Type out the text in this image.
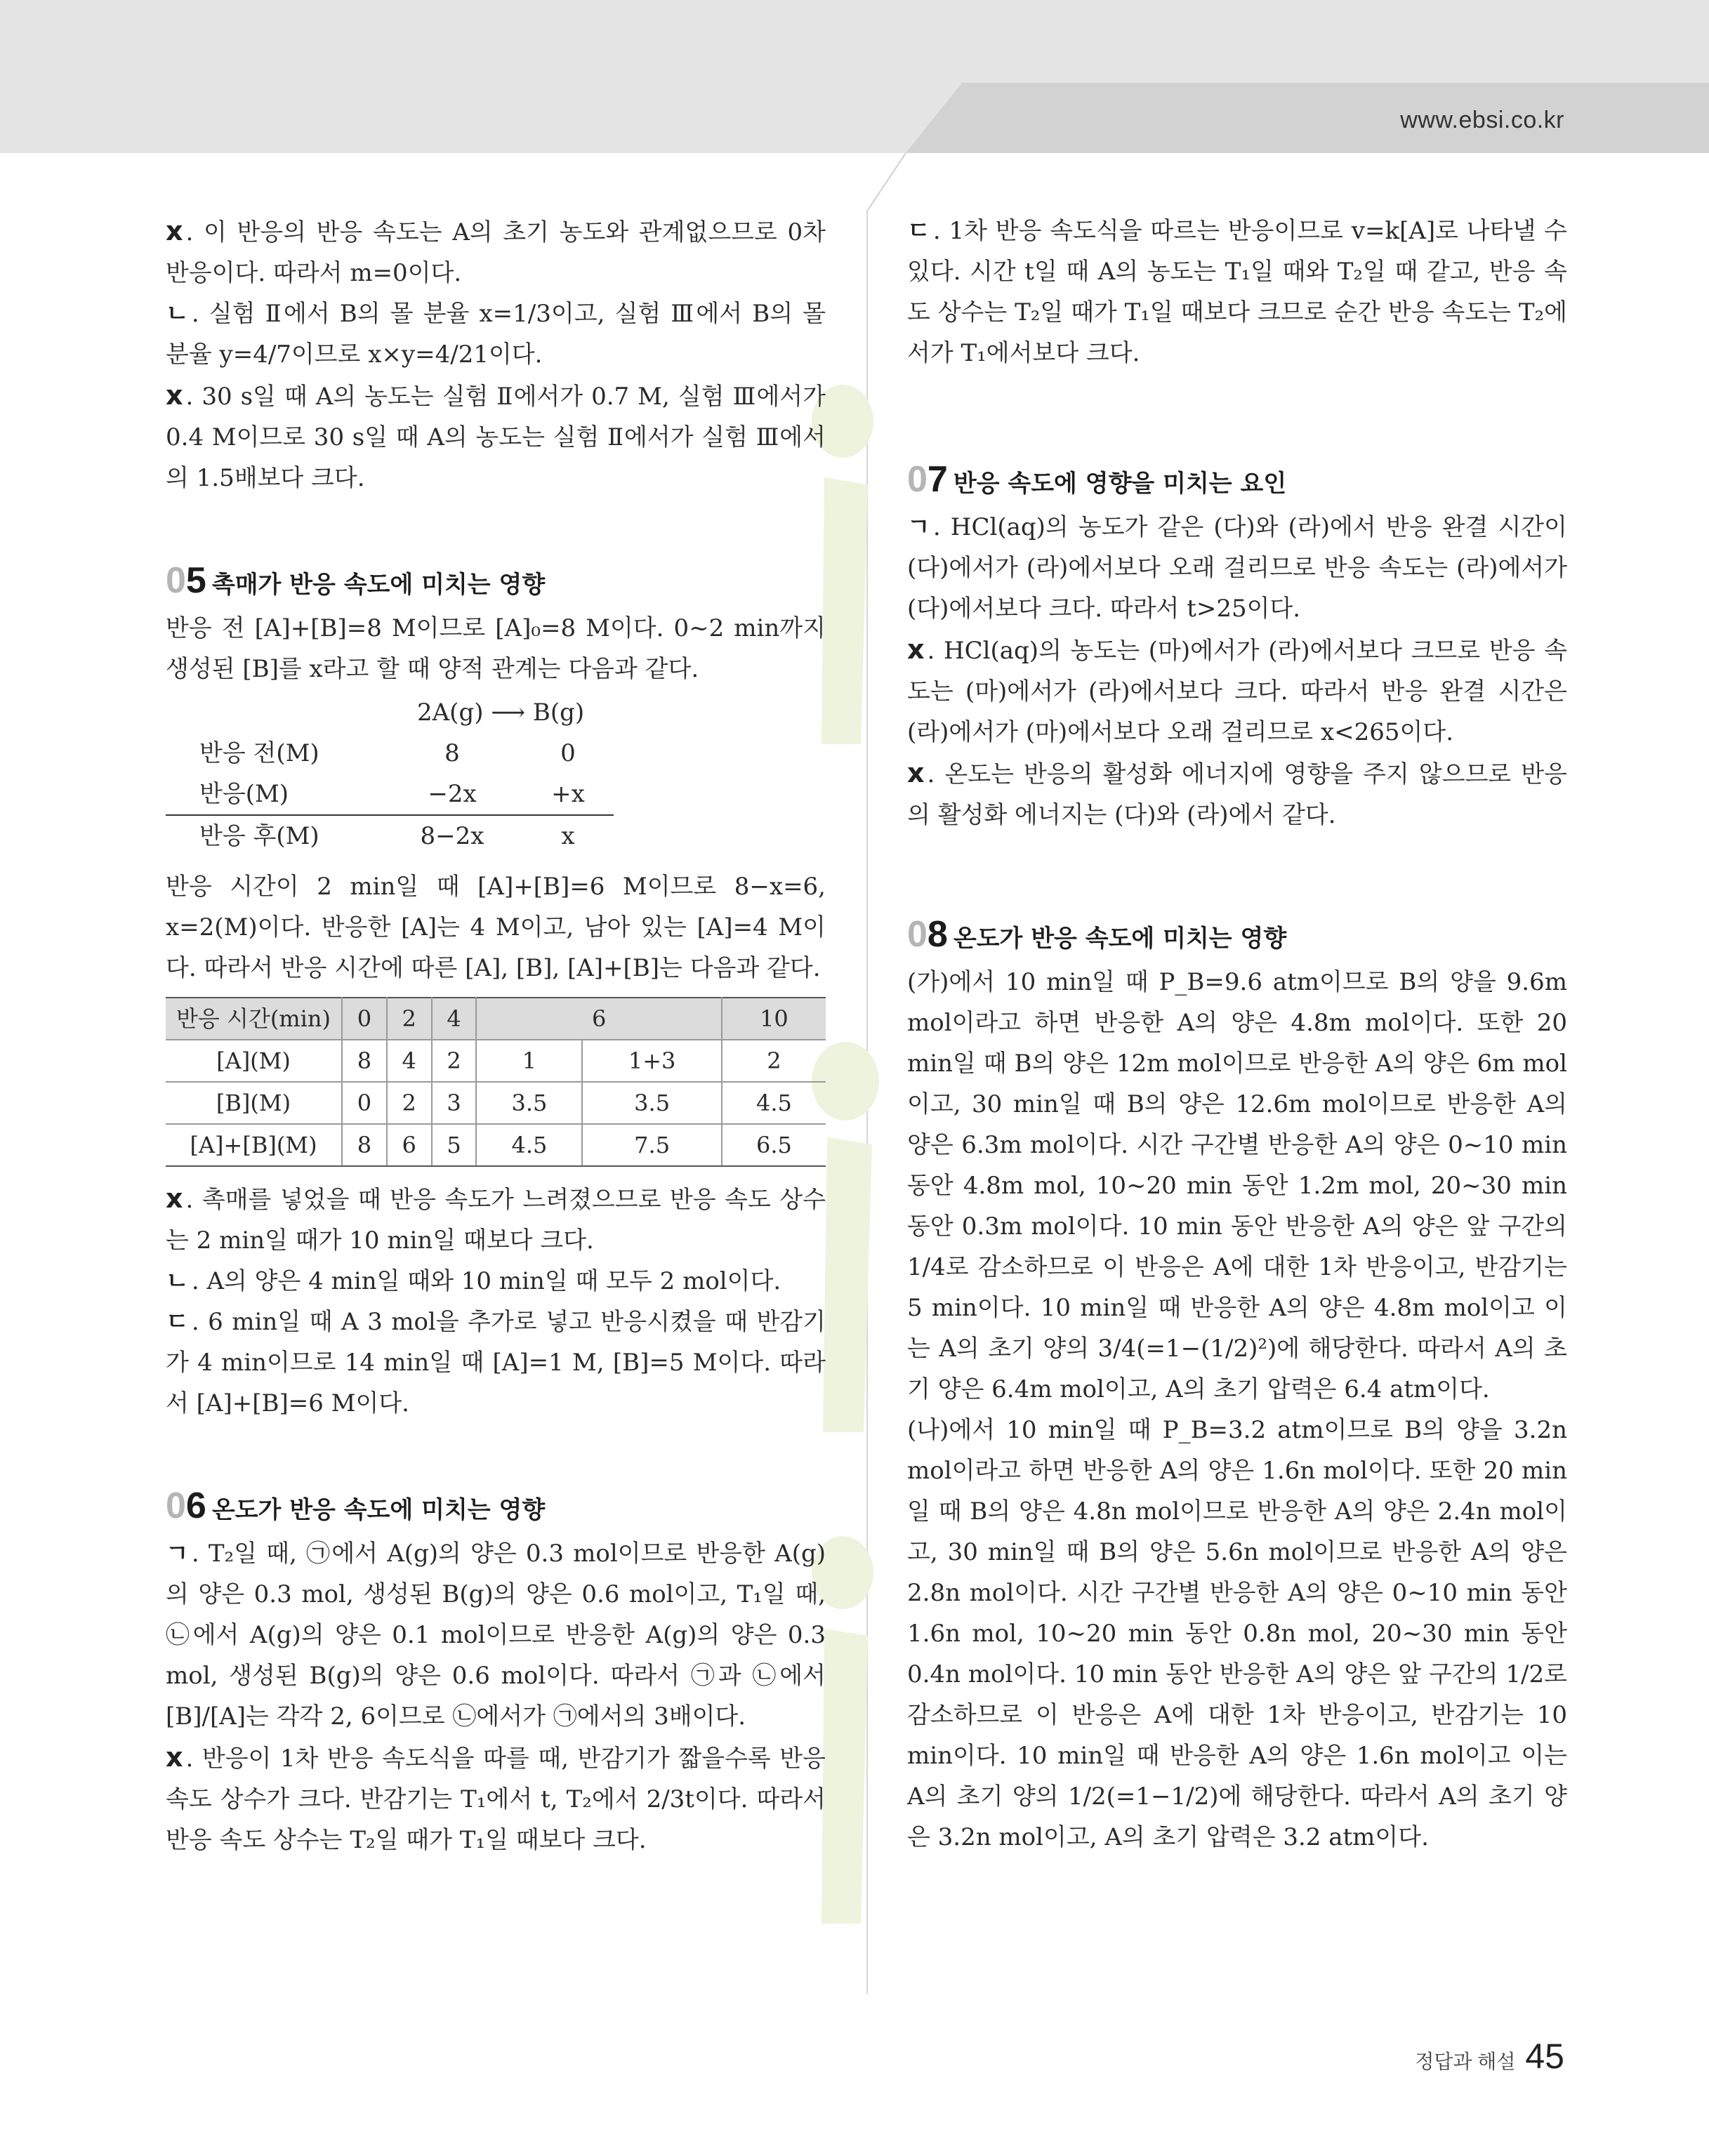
www.ebsi.co.kr

x . 이 반응의 반응 속도는 A의 초기 농도와 관계없으므로 0차 반응이다. 따라서 m=0이다.

ㄴ . 실험 Ⅱ에서 B의 몰 분율 x=1/3이고, 실험 Ⅲ에서 B의 몰 분율 y=4/7이므로 x×y=4/21이다.

x . 30 s일 때 A의 농도는 실험 Ⅱ에서가 0.7 M, 실험 Ⅲ에서가 0.4 M이므로 30 s일 때 A의 농도는 실험 Ⅱ에서가 실험 Ⅲ에서의 1.5배보다 크다.

05 촉매가 반응 속도에 미치는 영향

반응 전 [A]+[B]=8 M이므로 [A]₀=8 M이다. 0~2 min까지 생성된 [B]를 x라고 할 때 양적 관계는 다음과 같다.

	2A(g) ⟶ B(g)	
반응 전(M)	8	0
반응(M)	−2x	+x
반응 후(M)	8−2x	x

반응 시간이 2 min일 때 [A]+[B]=6 M이므로 8−x=6, x=2(M)이다. 반응한 [A]는 4 M이고, 남아 있는 [A]=4 M이다. 따라서 반응 시간에 따른 [A], [B], [A]+[B]는 다음과 같다.

반응 시간(min)	0	2	4	6		10
[A](M)	8	4	2	1	1+3	2
[B](M)	0	2	3	3.5	3.5	4.5
[A]+[B](M)	8	6	5	4.5	7.5	6.5

x . 촉매를 넣었을 때 반응 속도가 느려졌으므로 반응 속도 상수는 2 min일 때가 10 min일 때보다 크다.

ㄴ . A의 양은 4 min일 때와 10 min일 때 모두 2 mol이다.

ㄷ . 6 min일 때 A 3 mol을 추가로 넣고 반응시켰을 때 반감기가 4 min이므로 14 min일 때 [A]=1 M, [B]=5 M이다. 따라서 [A]+[B]=6 M이다.

06 온도가 반응 속도에 미치는 영향

ㄱ . T₂일 때, ㉠에서 A(g)의 양은 0.3 mol이므로 반응한 A(g)의 양은 0.3 mol, 생성된 B(g)의 양은 0.6 mol이고, T₁일 때, ㉡에서 A(g)의 양은 0.1 mol이므로 반응한 A(g)의 양은 0.3 mol, 생성된 B(g)의 양은 0.6 mol이다. 따라서 ㉠과 ㉡에서 [B]/[A]는 각각 2, 6이므로 ㉡에서가 ㉠에서의 3배이다.

x . 반응이 1차 반응 속도식을 따를 때, 반감기가 짧을수록 반응 속도 상수가 크다. 반감기는 T₁에서 t, T₂에서 2/3t이다. 따라서 반응 속도 상수는 T₂일 때가 T₁일 때보다 크다.

ㄷ . 1차 반응 속도식을 따르는 반응이므로 v=k[A]로 나타낼 수 있다. 시간 t일 때 A의 농도는 T₁일 때와 T₂일 때 같고, 반응 속도 상수는 T₂일 때가 T₁일 때보다 크므로 순간 반응 속도는 T₂에서가 T₁에서보다 크다.

07 반응 속도에 영향을 미치는 요인

ㄱ . HCl(aq)의 농도가 같은 (다)와 (라)에서 반응 완결 시간이 (다)에서가 (라)에서보다 오래 걸리므로 반응 속도는 (라)에서가 (다)에서보다 크다. 따라서 t>25이다.

x . HCl(aq)의 농도는 (마)에서가 (라)에서보다 크므로 반응 속도는 (마)에서가 (라)에서보다 크다. 따라서 반응 완결 시간은 (라)에서가 (마)에서보다 오래 걸리므로 x<265이다.

x . 온도는 반응의 활성화 에너지에 영향을 주지 않으므로 반응의 활성화 에너지는 (다)와 (라)에서 같다.

08 온도가 반응 속도에 미치는 영향

(가)에서 10 min일 때 P_B=9.6 atm이므로 B의 양을 9.6m mol이라고 하면 반응한 A의 양은 4.8m mol이다. 또한 20 min일 때 B의 양은 12m mol이므로 반응한 A의 양은 6m mol이고, 30 min일 때 B의 양은 12.6m mol이므로 반응한 A의 양은 6.3m mol이다. 시간 구간별 반응한 A의 양은 0~10 min 동안 4.8m mol, 10~20 min 동안 1.2m mol, 20~30 min 동안 0.3m mol이다. 10 min 동안 반응한 A의 양은 앞 구간의 1/4로 감소하므로 이 반응은 A에 대한 1차 반응이고, 반감기는 5 min이다. 10 min일 때 반응한 A의 양은 4.8m mol이고 이는 A의 초기 양의 3/4(=1−(1/2)²)에 해당한다. 따라서 A의 초기 양은 6.4m mol이고, A의 초기 압력은 6.4 atm이다.

(나)에서 10 min일 때 P_B=3.2 atm이므로 B의 양을 3.2n mol이라고 하면 반응한 A의 양은 1.6n mol이다. 또한 20 min일 때 B의 양은 4.8n mol이므로 반응한 A의 양은 2.4n mol이고, 30 min일 때 B의 양은 5.6n mol이므로 반응한 A의 양은 2.8n mol이다. 시간 구간별 반응한 A의 양은 0~10 min 동안 1.6n mol, 10~20 min 동안 0.8n mol, 20~30 min 동안 0.4n mol이다. 10 min 동안 반응한 A의 양은 앞 구간의 1/2로 감소하므로 이 반응은 A에 대한 1차 반응이고, 반감기는 10 min이다. 10 min일 때 반응한 A의 양은 1.6n mol이고 이는 A의 초기 양의 1/2(=1−1/2)에 해당한다. 따라서 A의 초기 양은 3.2n mol이고, A의 초기 압력은 3.2 atm이다.

정답과 해설 45
